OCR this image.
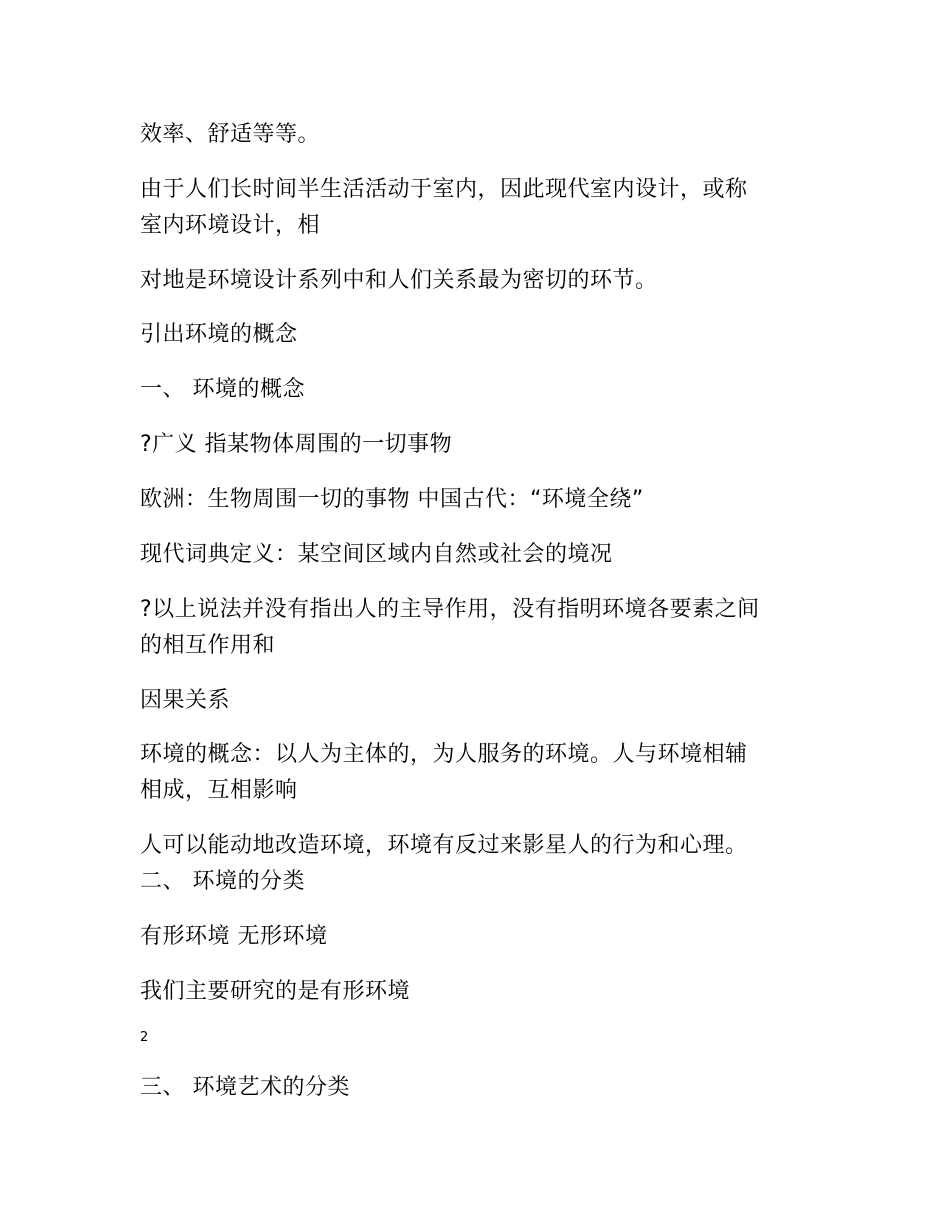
效率、舒适等等。
由于人们长时间半生活活动于室内，因此现代室内设计，或称
室内环境设计，相
对地是环境设计系列中和人们关系最为密切的环节。
引出环境的概念
一、 环境的概念
?广义 指某物体周围的一切事物
欧洲：生物周围一切的事物 中国古代：“环境全绕”
现代词典定义：某空间区域内自然或社会的境况
?以上说法并没有指出人的主导作用，没有指明环境各要素之间
的相互作用和
因果关系
环境的概念：以人为主体的，为人服务的环境。人与环境相辅
相成，互相影响
人可以能动地改造环境，环境有反过来影星人的行为和心理。
二、 环境的分类
有形环境 无形环境
我们主要研究的是有形环境
2
三、 环境艺术的分类
